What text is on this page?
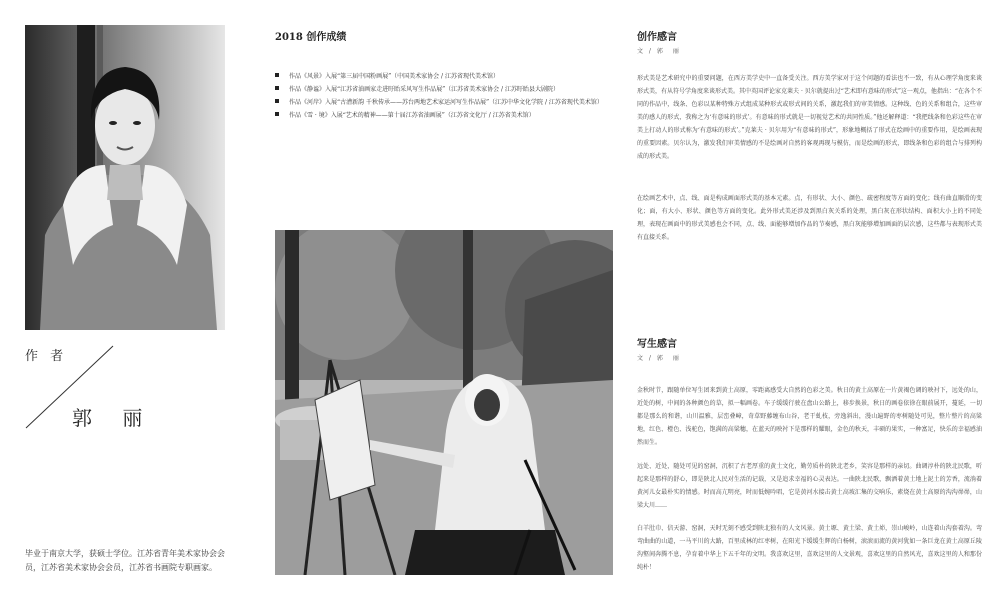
作 者
郭 丽

毕业于南京大学，获硕士学位。江苏省青年美术家协会会员，江苏省美术家协会会员，江苏省书画院专职画家。

2018 创作成绩
作品《风景》入展“第三届中国粉画展”（中国美术家协会 / 江苏省现代美术馆）
作品《静谧》入展“江苏省油画家走进盱眙采风写生作品展”（江苏省美术家协会 / 江苏盱眙县大剧院）
作品《河岸》入展“古漕新韵 千秋传承——苏台两地艺术家运河写生作品展”（江苏中华文化学院 / 江苏省现代美术馆）
作品《雪 · 境》入展“艺术的精神——第十届江苏省油画展”（江苏省文化厅 / 江苏省美术馆）
创作感言
文 / 郭　丽

形式美是艺术研究中的重要问题，在西方美学史中一直备受关注。西方美学家对于这个问题的看法也不一致，有从心理学角度来谈形式美，有从符号学角度来谈形式美。其中英国评论家克莱夫 · 贝尔就提出过“艺术即有意味的形式”这一观点，他指出：“在各个不同的作品中，线条、色彩以某种特殊方式组成某种形式或形式间的关系，激起我们的审美情感。这种线、色的关系和组合，这些审美的感人的形式，我称之为‘有意味的形式’。有意味的形式就是一切视觉艺术的共同性质。”他还解释道：“我把线条和色彩这些在审美上打动人的形式称为‘有意味的形式’。”克莱夫 · 贝尔用为“有意味的形式”，形象地概括了形式在绘画中的重要作用，是绘画表现的重要因素。贝尔认为，激发我们审美情感的不是绘画对自然的客观再现与模仿，而是绘画的形式，即线条和色彩的组合与排列构成的形式美。

在绘画艺术中，点、线、面是构成画面形式美的基本元素。点，有形状、大小、颜色、疏密程度等方面的变化；线有曲直顺滑的变化；面，有大小、形状、颜色等方面的变化。此外形式美还涉及到黑白灰关系的处理，黑白灰在形状结构、面积大小上的不同处理，表现在画面中的形式美感也会不同，点、线、面能够增加作品的节奏感，黑白灰能够增加画面的层次感，这些都与表现形式美有直接关系。

写生感言
文 / 郭　丽

金秋时节，跟随单位写生团来到黄土高原，零距离感受大自然的色彩之美。秋日的黄土高原在一片黄褐色调的映衬下，远处的山，近处的树，中间的各种颜色的草，拟一幅画卷。车子缓缓行驶在盘山公路上，移步换景，秋日的画卷依徐在眼前展开，蔓延，一切都是那么的和谐，山川温雅，层峦叠嶂，奇草野藤缠布山谷，老干虬枝，旁逸斜出，漫山遍野的枣树随处可见，整片整片的高粱地，红色、橙色、浅驼色，饱满的高粱穗，在蓝天的映衬下是那样的耀眼，金色的秋天，丰硕的果实，一种富足，快乐的幸福感油然而生。

远处、近处，随处可见的窑洞，沉积了古老厚重的黄土文化，勤劳质朴的陕北老乡，笑容是那样的亲切。曲调淳朴的陕北民歌，听起来是那样的舒心，即是陕北人民对生活的记载，又是追求幸福的心灵表达。一曲陕北民歌，飘洒着黄土地上泥土的芳香，流淌着黄河儿女最朴实的情感。时而高亢明亮，时而低婉吟唱，它是黄河水接击黄土高坡汇集的交响乐，素烧在黄土高原的沟沟峁峁，山梁大川……

白羊肚巾、信天游、窑洞，天时无刻不感受到陕北独有的人文风景。黄土塬、黄土梁、黄土峁，崇山峻岭，山连着山沟套着沟。弯弯曲曲的山道，一马平川的大路，百里成林的红枣树，在阳光下缓缓生辉的白杨树，滚滚而流的黄河犹如一条巨龙在黄土高原丘陵沟壑间奔腾不息，孕育着中华上下五千年的文明。我喜欢这里，喜欢这里的人文景观，喜欢这里的自然风光，喜欢这里的人和那份纯朴！
